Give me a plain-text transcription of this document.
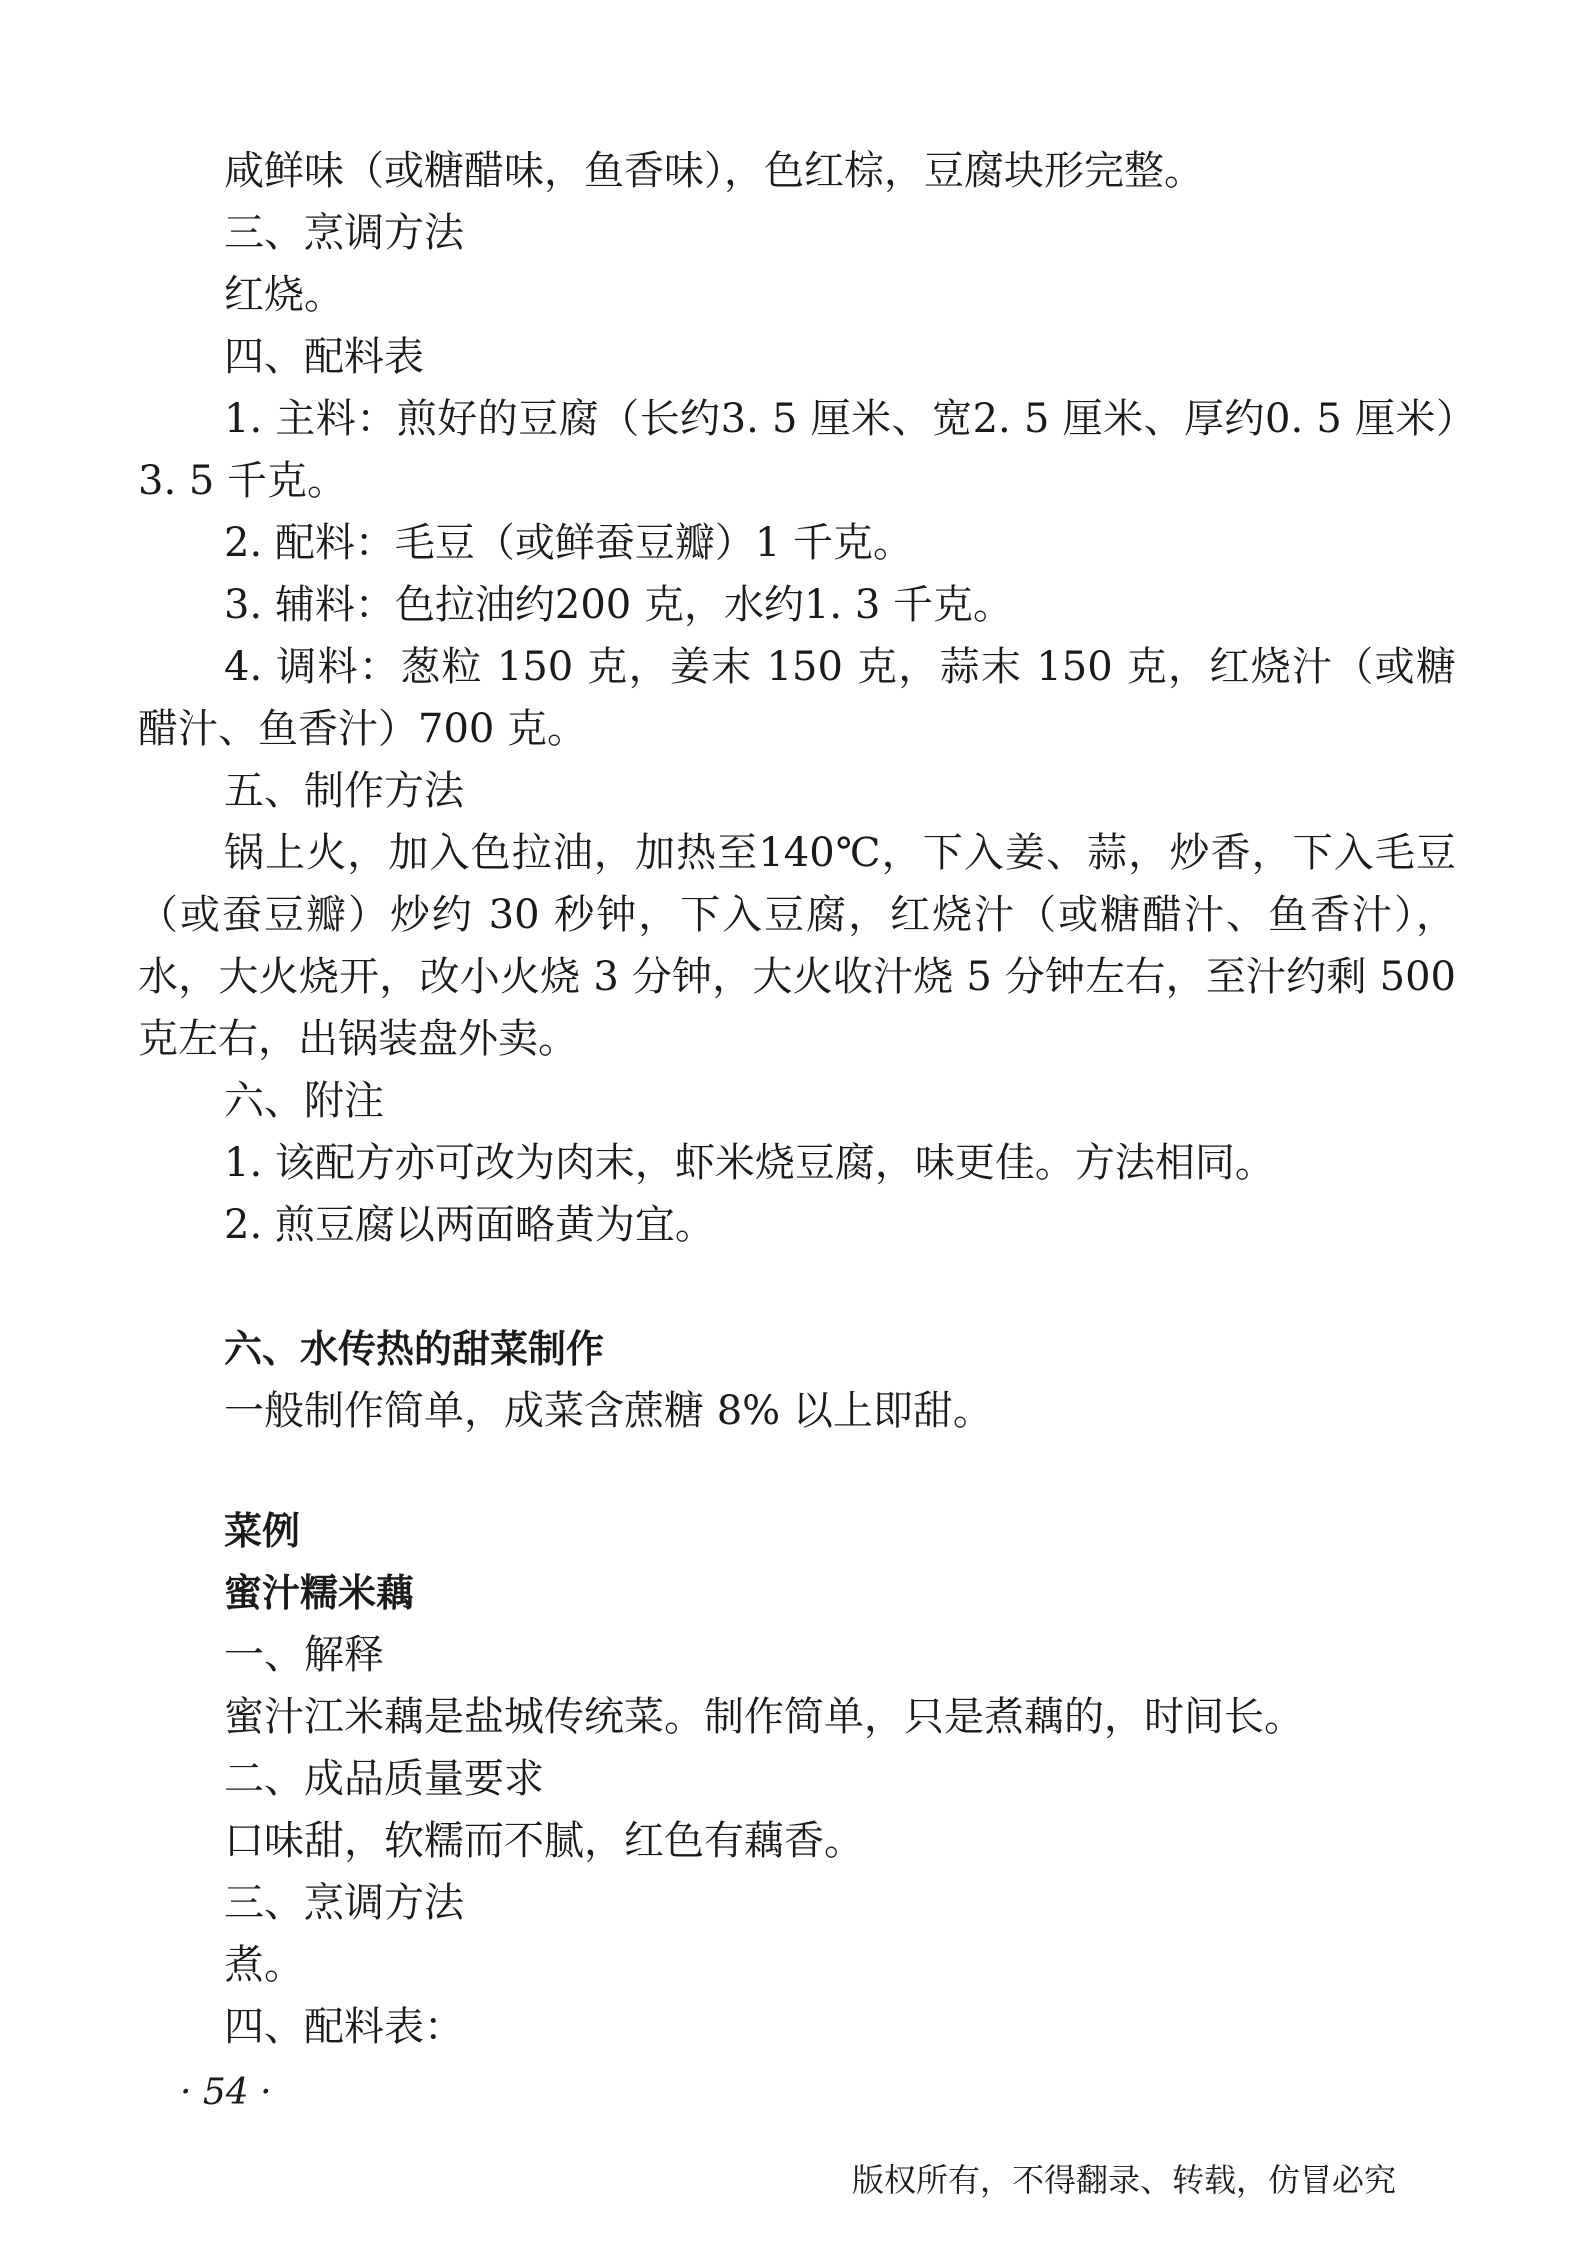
咸鲜味（或糖醋味，鱼香味），色红棕，豆腐块形完整。

三、烹调方法

红烧。

四、配料表

1. 主料：煎好的豆腐（长约3. 5 厘米、宽2. 5 厘米、厚约0. 5 厘米）3. 5 千克。

2. 配料：毛豆（或鲜蚕豆瓣）1 千克。

3. 辅料：色拉油约200 克，水约1. 3 千克。

4. 调料：葱粒 150 克，姜末 150 克，蒜末 150 克，红烧汁（或糖醋汁、鱼香汁）700 克。

五、制作方法

锅上火，加入色拉油，加热至140℃，下入姜、蒜，炒香，下入毛豆（或蚕豆瓣）炒约 30 秒钟，下入豆腐，红烧汁（或糖醋汁、鱼香汁），水，大火烧开，改小火烧 3 分钟，大火收汁烧 5 分钟左右，至汁约剩 500 克左右，出锅装盘外卖。

六、附注

1. 该配方亦可改为肉末，虾米烧豆腐，味更佳。方法相同。

2. 煎豆腐以两面略黄为宜。

六、水传热的甜菜制作

一般制作简单，成菜含蔗糖 8% 以上即甜。

菜例

蜜汁糯米藕

一、解释

蜜汁江米藕是盐城传统菜。制作简单，只是煮藕的，时间长。

二、成品质量要求

口味甜，软糯而不腻，红色有藕香。

三、烹调方法

煮。

四、配料表：

· 54 ·
版权所有，不得翻录、转载，仿冒必究
